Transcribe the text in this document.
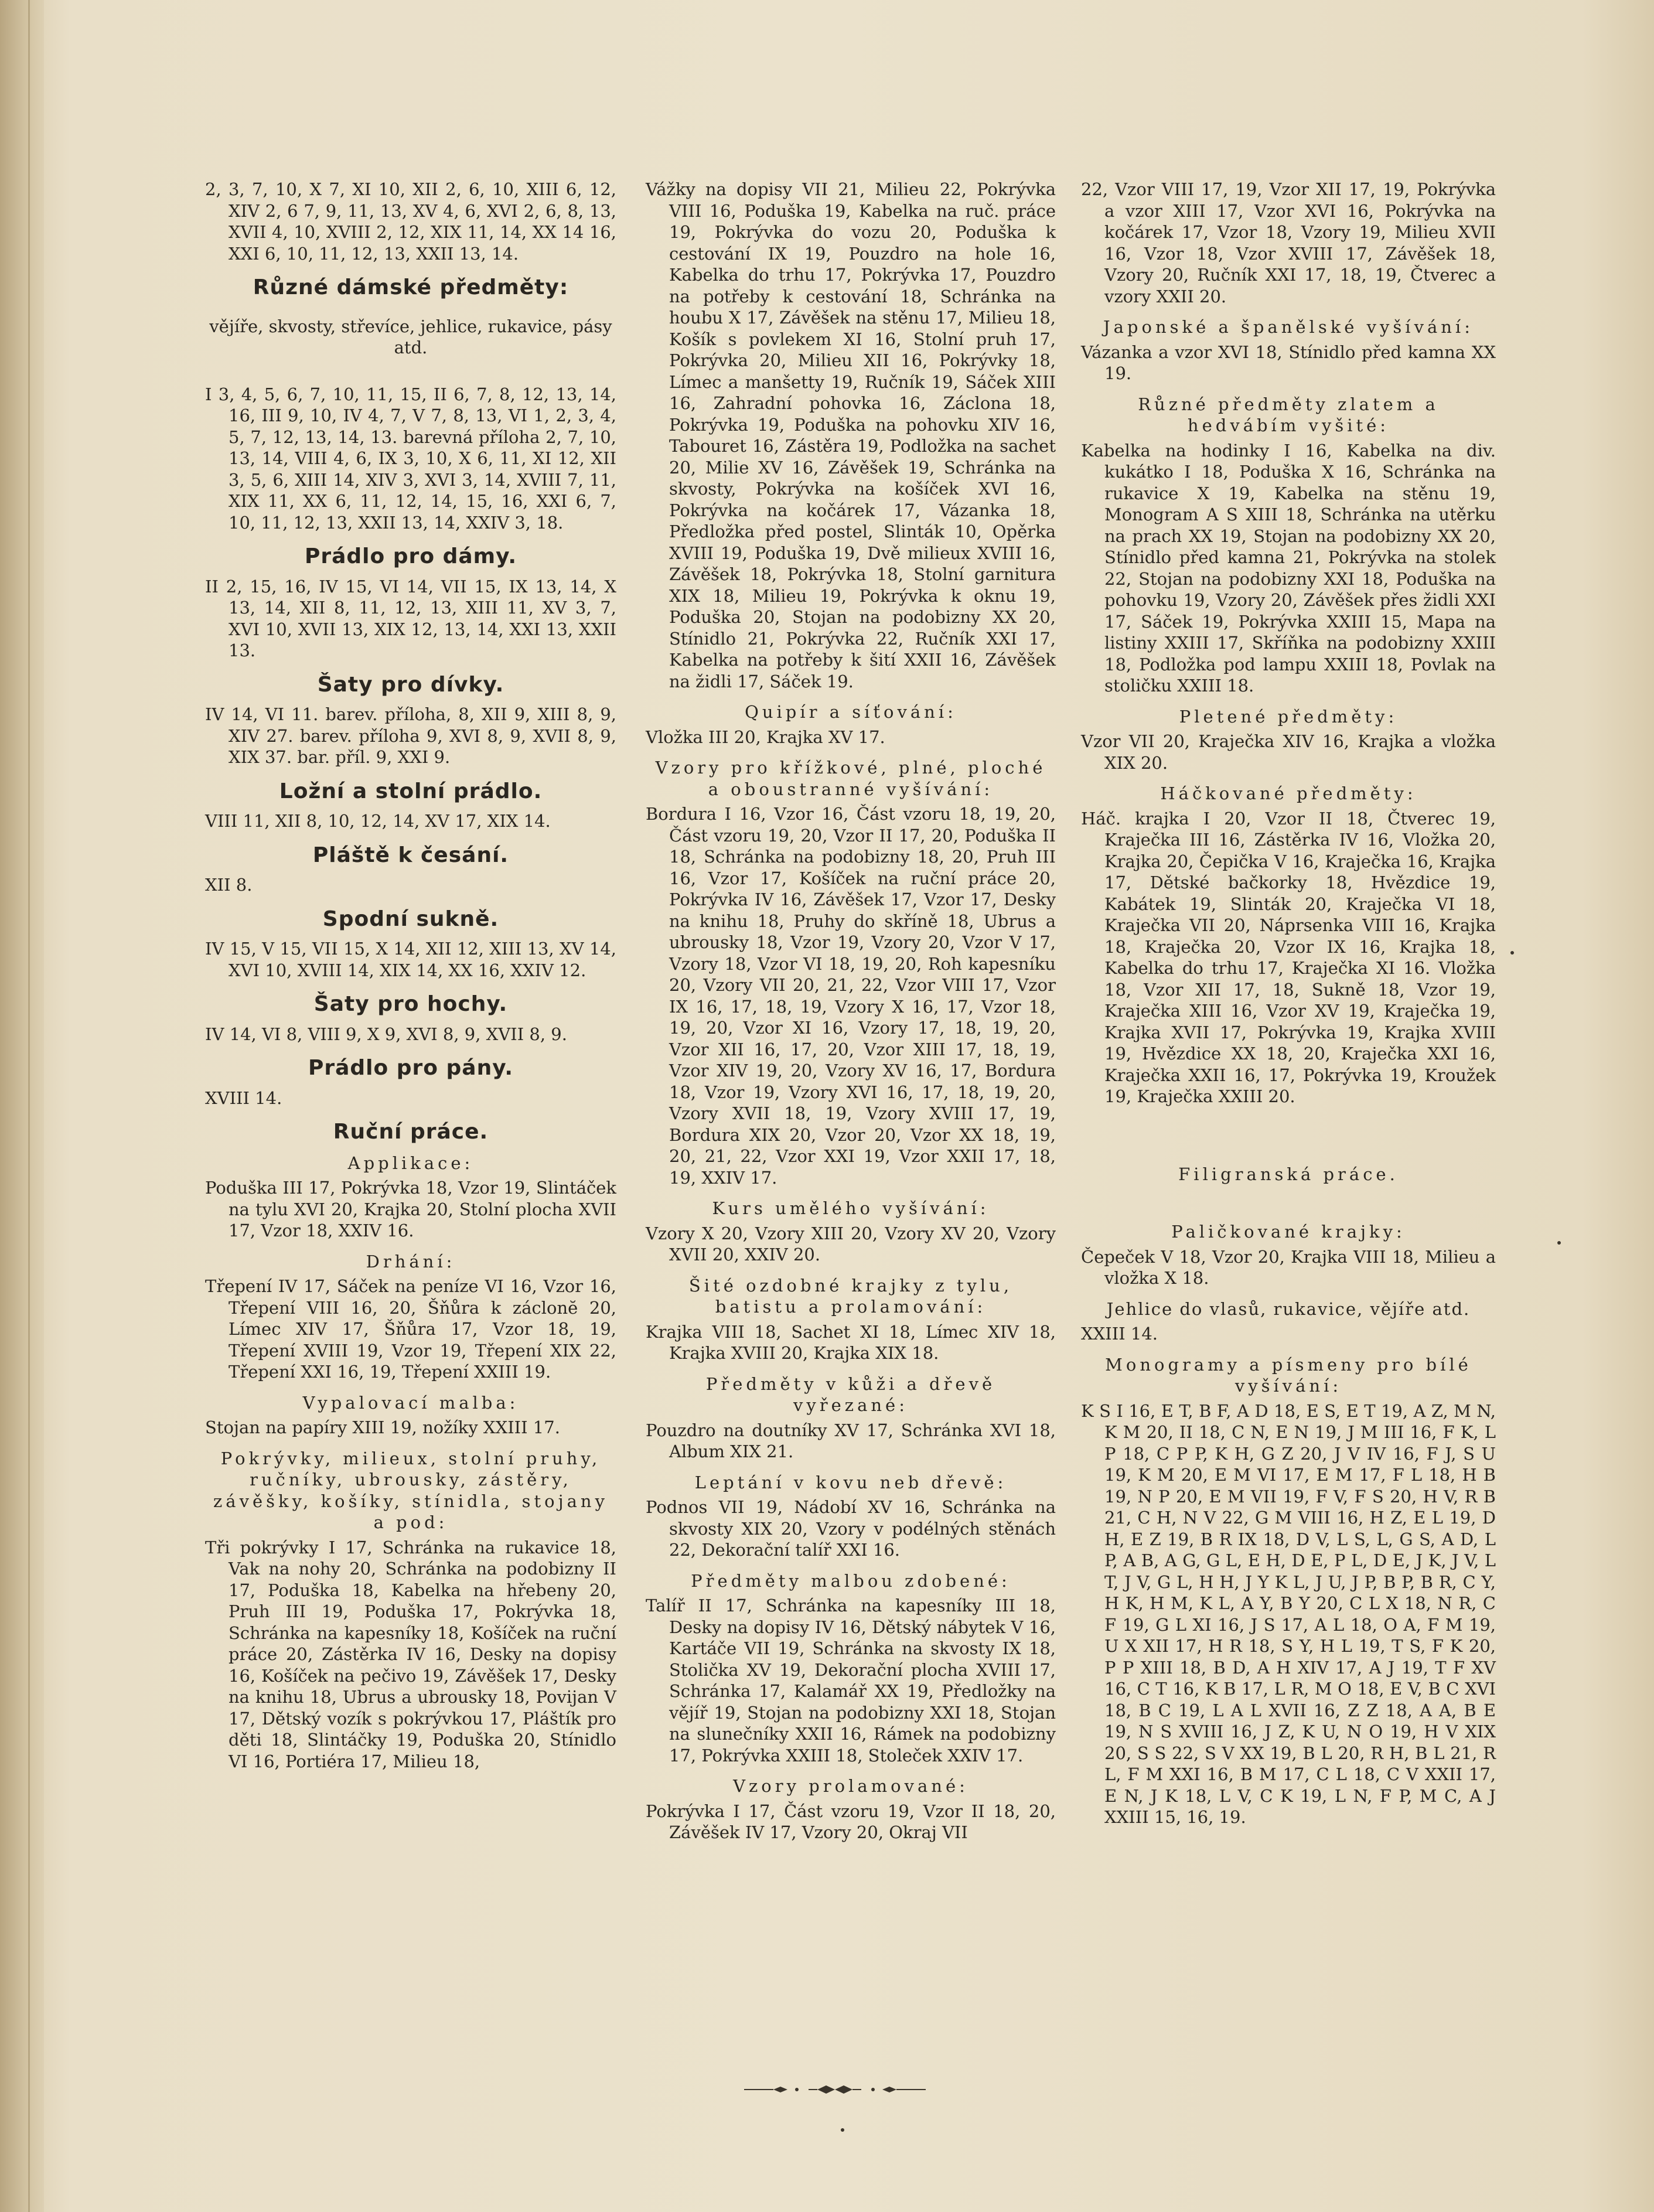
2, 3, 7, 10, X 7, XI 10, XII 2, 6, 10, XIII 6, 12, XIV 2, 6 7, 9, 11, 13, XV 4, 6, XVI 2, 6, 8, 13, XVII 4, 10, XVIII 2, 12, XIX 11, 14, XX 14 16, XXI 6, 10, 11, 12, 13, XXII 13, 14.

Různé dámské předměty:

vějíře, skvosty, střevíce, jehlice, rukavice, pásy atd.

I 3, 4, 5, 6, 7, 10, 11, 15, II 6, 7, 8, 12, 13, 14, 16, III 9, 10, IV 4, 7, V 7, 8, 13, VI 1, 2, 3, 4, 5, 7, 12, 13, 14, 13. barevná příloha 2, 7, 10, 13, 14, VIII 4, 6, IX 3, 10, X 6, 11, XI 12, XII 3, 5, 6, XIII 14, XIV 3, XVI 3, 14, XVIII 7, 11, XIX 11, XX 6, 11, 12, 14, 15, 16, XXI 6, 7, 10, 11, 12, 13, XXII 13, 14, XXIV 3, 18.

Prádlo pro dámy.

II 2, 15, 16, IV 15, VI 14, VII 15, IX 13, 14, X 13, 14, XII 8, 11, 12, 13, XIII 11, XV 3, 7, XVI 10, XVII 13, XIX 12, 13, 14, XXI 13, XXII 13.

Šaty pro dívky.

IV 14, VI 11. barev. příloha, 8, XII 9, XIII 8, 9, XIV 27. barev. příloha 9, XVI 8, 9, XVII 8, 9, XIX 37. bar. příl. 9, XXI 9.

Ložní a stolní prádlo.

VIII 11, XII 8, 10, 12, 14, XV 17, XIX 14.

Pláště k česání.

XII 8.

Spodní sukně.

IV 15, V 15, VII 15, X 14, XII 12, XIII 13, XV 14, XVI 10, XVIII 14, XIX 14, XX 16, XXIV 12.

Šaty pro hochy.

IV 14, VI 8, VIII 9, X 9, XVI 8, 9, XVII 8, 9.

Prádlo pro pány.

XVIII 14.

Ruční práce.
Applikace:

Poduška III 17, Pokrývka 18, Vzor 19, Slintáček na tylu XVI 20, Krajka 20, Stolní plocha XVII 17, Vzor 18, XXIV 16.

Drhání:

Třepení IV 17, Sáček na peníze VI 16, Vzor 16, Třepení VIII 16, 20, Šňůra k záclonĕ 20, Límec XIV 17, Šňůra 17, Vzor 18, 19, Třepení XVIII 19, Vzor 19, Třepení XIX 22, Třepení XXI 16, 19, Třepení XXIII 19.

Vypalovací malba:

Stojan na papíry XIII 19, nožíky XXIII 17.

Pokrývky, milieux, stolní pruhy, ručníky, ubrousky, zástěry, závěšky, košíky, stínidla, stojany a pod:

Tři pokrývky I 17, Schránka na rukavice 18, Vak na nohy 20, Schránka na podobizny II 17, Poduška 18, Kabelka na hřebeny 20, Pruh III 19, Poduška 17, Pokrývka 18, Schránka na kapesníky 18, Košíček na ruční práce 20, Zástěrka IV 16, Desky na dopisy 16, Košíček na pečivo 19, Závěšek 17, Desky na knihu 18, Ubrus a ubrousky 18, Povijan V 17, Dětský vozík s pokrývkou 17, Pláštík pro děti 18, Slintáčky 19, Poduška 20, Stínidlo VI 16, Portiéra 17, Milieu 18,

Vážky na dopisy VII 21, Milieu 22, Pokrývka VIII 16, Poduška 19, Kabelka na ruč. práce 19, Pokrývka do vozu 20, Poduška k cestování IX 19, Pouzdro na hole 16, Kabelka do trhu 17, Pokrývka 17, Pouzdro na potřeby k cestování 18, Schránka na houbu X 17, Závěšek na stěnu 17, Milieu 18, Košík s povlekem XI 16, Stolní pruh 17, Pokrývka 20, Milieu XII 16, Pokrývky 18, Límec a manšetty 19, Ručník 19, Sáček XIII 16, Zahradní pohovka 16, Záclona 18, Pokrývka 19, Poduška na pohovku XIV 16, Tabouret 16, Zástěra 19, Podložka na sachet 20, Milie XV 16, Závěšek 19, Schránka na skvosty, Pokrývka na košíček XVI 16, Pokrývka na kočárek 17, Vázanka 18, Předložka před postel, Slinták 10, Opěrka XVIII 19, Poduška 19, Dvě milieux XVIII 16, Závěšek 18, Pokrývka 18, Stolní garnitura XIX 18, Milieu 19, Pokrývka k oknu 19, Poduška 20, Stojan na podobizny XX 20, Stínidlo 21, Pokrývka 22, Ručník XXI 17, Kabelka na potřeby k šití XXII 16, Závěšek na židli 17, Sáček 19.

Quipír a síťování:

Vložka III 20, Krajka XV 17.

Vzory pro křížkové, plné, ploché a oboustranné vyšívání:

Bordura I 16, Vzor 16, Část vzoru 18, 19, 20, Část vzoru 19, 20, Vzor II 17, 20, Poduška II 18, Schránka na podobizny 18, 20, Pruh III 16, Vzor 17, Košíček na ruční práce 20, Pokrývka IV 16, Závěšek 17, Vzor 17, Desky na knihu 18, Pruhy do skříně 18, Ubrus a ubrousky 18, Vzor 19, Vzory 20, Vzor V 17, Vzory 18, Vzor VI 18, 19, 20, Roh kapesníku 20, Vzory VII 20, 21, 22, Vzor VIII 17, Vzor IX 16, 17, 18, 19, Vzory X 16, 17, Vzor 18, 19, 20, Vzor XI 16, Vzory 17, 18, 19, 20, Vzor XII 16, 17, 20, Vzor XIII 17, 18, 19, Vzor XIV 19, 20, Vzory XV 16, 17, Bordura 18, Vzor 19, Vzory XVI 16, 17, 18, 19, 20, Vzory XVII 18, 19, Vzory XVIII 17, 19, Bordura XIX 20, Vzor 20, Vzor XX 18, 19, 20, 21, 22, Vzor XXI 19, Vzor XXII 17, 18, 19, XXIV 17.

Kurs umělého vyšívání:

Vzory X 20, Vzory XIII 20, Vzory XV 20, Vzory XVII 20, XXIV 20.

Šité ozdobné krajky z tylu, batistu a prolamování:

Krajka VIII 18, Sachet XI 18, Límec XIV 18, Krajka XVIII 20, Krajka XIX 18.

Předměty v kůži a dřevě vyřezané:

Pouzdro na doutníky XV 17, Schránka XVI 18, Album XIX 21.

Leptání v kovu neb dřevě:

Podnos VII 19, Nádobí XV 16, Schránka na skvosty XIX 20, Vzory v podélných stěnách 22, Dekorační talíř XXI 16.

Předměty malbou zdobené:

Talíř II 17, Schránka na kapesníky III 18, Desky na dopisy IV 16, Dětský nábytek V 16, Kartáče VII 19, Schránka na skvosty IX 18, Stolička XV 19, Dekorační plocha XVIII 17, Schránka 17, Kalamář XX 19, Předložky na vějíř 19, Stojan na podobizny XXI 18, Stojan na slunečníky XXII 16, Rámek na podobizny 17, Pokrývka XXIII 18, Stoleček XXIV 17.

Vzory prolamované:

Pokrývka I 17, Část vzoru 19, Vzor II 18, 20, Závěšek IV 17, Vzory 20, Okraj VII

22, Vzor VIII 17, 19, Vzor XII 17, 19, Pokrývka a vzor XIII 17, Vzor XVI 16, Pokrývka na kočárek 17, Vzor 18, Vzory 19, Milieu XVII 16, Vzor 18, Vzor XVIII 17, Závěšek 18, Vzory 20, Ručník XXI 17, 18, 19, Čtverec a vzory XXII 20.

Japonské a španělské vyšívání:

Vázanka a vzor XVI 18, Stínidlo před kamna XX 19.

Různé předměty zlatem a hedvábím vyšité:

Kabelka na hodinky I 16, Kabelka na div. kukátko I 18, Poduška X 16, Schránka na rukavice X 19, Kabelka na stěnu 19, Monogram A S XIII 18, Schránka na utěrku na prach XX 19, Stojan na podobizny XX 20, Stínidlo před kamna 21, Pokrývka na stolek 22, Stojan na podobizny XXI 18, Poduška na pohovku 19, Vzory 20, Závěšek přes židli XXI 17, Sáček 19, Pokrývka XXIII 15, Mapa na listiny XXIII 17, Skříňka na podobizny XXIII 18, Podložka pod lampu XXIII 18, Povlak na stoličku XXIII 18.

Pletené předměty:

Vzor VII 20, Kraječka XIV 16, Krajka a vložka XIX 20.

Háčkované předměty:

Háč. krajka I 20, Vzor II 18, Čtverec 19, Kraječka III 16, Zástěrka IV 16, Vložka 20, Krajka 20, Čepička V 16, Kraječka 16, Krajka 17, Dětské bačkorky 18, Hvězdice 19, Kabátek 19, Slinták 20, Kraječka VI 18, Kraječka VII 20, Náprsenka VIII 16, Krajka 18, Kraječka 20, Vzor IX 16, Krajka 18, Kabelka do trhu 17, Kraječka XI 16. Vložka 18, Vzor XII 17, 18, Sukně 18, Vzor 19, Kraječka XIII 16, Vzor XV 19, Kraječka 19, Krajka XVII 17, Pokrývka 19, Krajka XVIII 19, Hvězdice XX 18, 20, Kraječka XXI 16, Kraječka XXII 16, 17, Pokrývka 19, Kroužek 19, Kraječka XXIII 20.

Filigranská práce.
Paličkované krajky:

Čepeček V 18, Vzor 20, Krajka VIII 18, Milieu a vložka X 18.

Jehlice do vlasů, rukavice, vějíře atd.

XXIII 14.

Monogramy a písmeny pro bílé vyšívání:

K S I 16, E T, B F, A D 18, E S, E T 19, A Z, M N, K M 20, II 18, C N, E N 19, J M III 16, F K, L P 18, C P P, K H, G Z 20, J V IV 16, F J, S U 19, K M 20, E M VI 17, E M 17, F L 18, H B 19, N P 20, E M VII 19, F V, F S 20, H V, R B 21, C H, N V 22, G M VIII 16, H Z, E L 19, D H, E Z 19, B R IX 18, D V, L S, L, G S, A D, L P, A B, A G, G L, E H, D E, P L, D E, J K, J V, L T, J V, G L, H H, J Y K L, J U, J P, B P, B R, C Y, H K, H M, K L, A Y, B Y 20, C L X 18, N R, C F 19, G L XI 16, J S 17, A L 18, O A, F M 19, U X XII 17, H R 18, S Y, H L 19, T S, F K 20, P P XIII 18, B D, A H XIV 17, A J 19, T F XV 16, C T 16, K B 17, L R, M O 18, E V, B C XVI 18, B C 19, L A L XVII 16, Z Z 18, A A, B E 19, N S XVIII 16, J Z, K U, N O 19, H V XIX 20, S S 22, S V XX 19, B L 20, R H, B L 21, R L, F M XXI 16, B M 17, C L 18, C V XXII 17, E N, J K 18, L V, C K 19, L N, F P, M C, A J XXIII 15, 16, 19.
